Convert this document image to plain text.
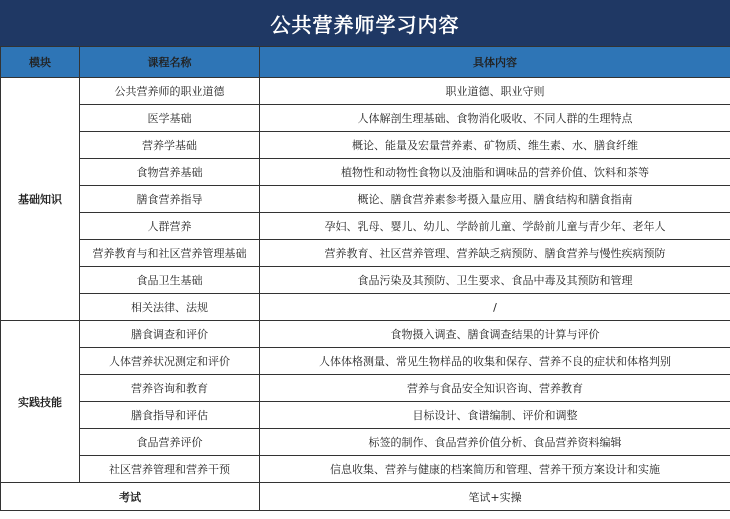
公共营养师学习内容
模块	课程名称	具体内容
基础知识	公共营养师的职业道德	职业道德、职业守则
	医学基础	人体解剖生理基础、食物消化吸收、不同人群的生理特点
	营养学基础	概论、能量及宏量营养素、矿物质、维生素、水、膳食纤维
	食物营养基础	植物性和动物性食物以及油脂和调味品的营养价值、饮料和茶等
	膳食营养指导	概论、膳食营养素参考摄入量应用、膳食结构和膳食指南
	人群营养	孕妇、乳母、婴儿、幼儿、学龄前儿童、学龄前儿童与青少年、老年人
	营养教育与和社区营养管理基础	营养教育、社区营养管理、营养缺乏病预防、膳食营养与慢性疾病预防
	食品卫生基础	食品污染及其预防、卫生要求、食品中毒及其预防和管理
	相关法律、法规	/
实践技能	膳食调查和评价	食物摄入调查、膳食调查结果的计算与评价
	人体营养状况测定和评价	人体体格测量、常见生物样品的收集和保存、营养不良的症状和体格判别
	营养咨询和教育	营养与食品安全知识咨询、营养教育
	膳食指导和评估	目标设计、食谱编制、评价和调整
	食品营养评价	标签的制作、食品营养价值分析、食品营养资料编辑
	社区营养管理和营养干预	信息收集、营养与健康的档案简历和管理、营养干预方案设计和实施
考试		笔试+实操
